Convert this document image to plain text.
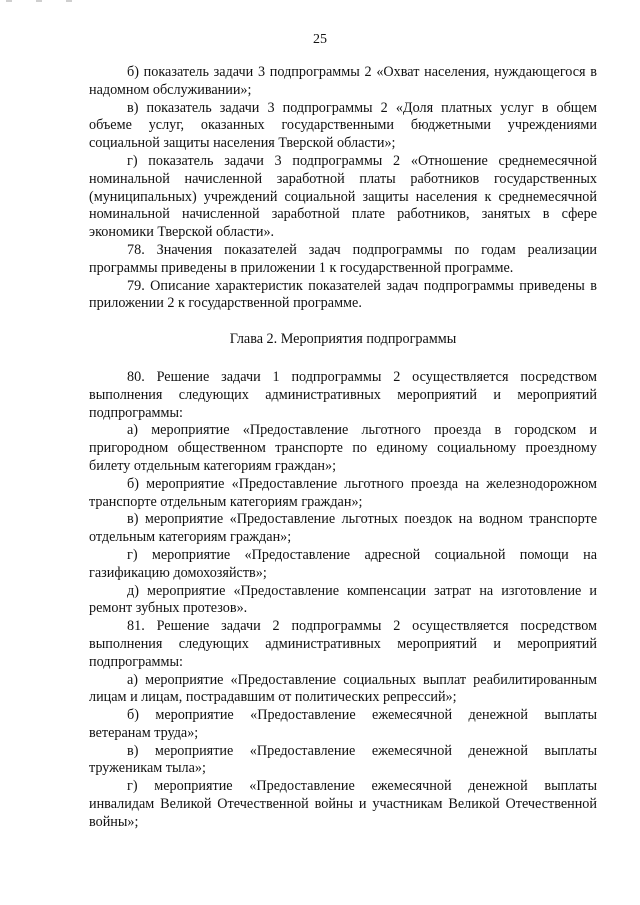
25

б) показатель задачи 3 подпрограммы 2 «Охват населения, нуждающегося в надомном обслуживании»;

в) показатель задачи 3 подпрограммы 2 «Доля платных услуг в общем объеме услуг, оказанных государственными бюджетными учреждениями социальной защиты населения Тверской области»;

г) показатель задачи 3 подпрограммы 2 «Отношение среднемесячной номинальной начисленной заработной платы работников государственных (муниципальных) учреждений социальной защиты населения к среднемесячной номинальной начисленной заработной плате работников, занятых в сфере экономики Тверской области».

78. Значения показателей задач подпрограммы по годам реализации программы приведены в приложении 1 к государственной программе.

79. Описание характеристик показателей задач подпрограммы приведены в приложении 2 к государственной программе.

Глава 2. Мероприятия подпрограммы

80. Решение задачи 1 подпрограммы 2 осуществляется посредством выполнения следующих административных мероприятий и мероприятий подпрограммы:

а) мероприятие «Предоставление льготного проезда в городском и пригородном общественном транспорте по единому социальному проездному билету отдельным категориям граждан»;

б) мероприятие «Предоставление льготного проезда на железнодорожном транспорте отдельным категориям граждан»;

в) мероприятие «Предоставление льготных поездок на водном транспорте отдельным категориям граждан»;

г) мероприятие «Предоставление адресной социальной помощи на газификацию домохозяйств»;

д) мероприятие «Предоставление компенсации затрат на изготовление и ремонт зубных протезов».

81. Решение задачи 2 подпрограммы 2 осуществляется посредством выполнения следующих административных мероприятий и мероприятий подпрограммы:

а) мероприятие «Предоставление социальных выплат реабилитированным лицам и лицам, пострадавшим от политических репрессий»;

б) мероприятие «Предоставление ежемесячной денежной выплаты ветеранам труда»;

в) мероприятие «Предоставление ежемесячной денежной выплаты труженикам тыла»;

г) мероприятие «Предоставление ежемесячной денежной выплаты инвалидам Великой Отечественной войны и участникам Великой Отечественной войны»;
